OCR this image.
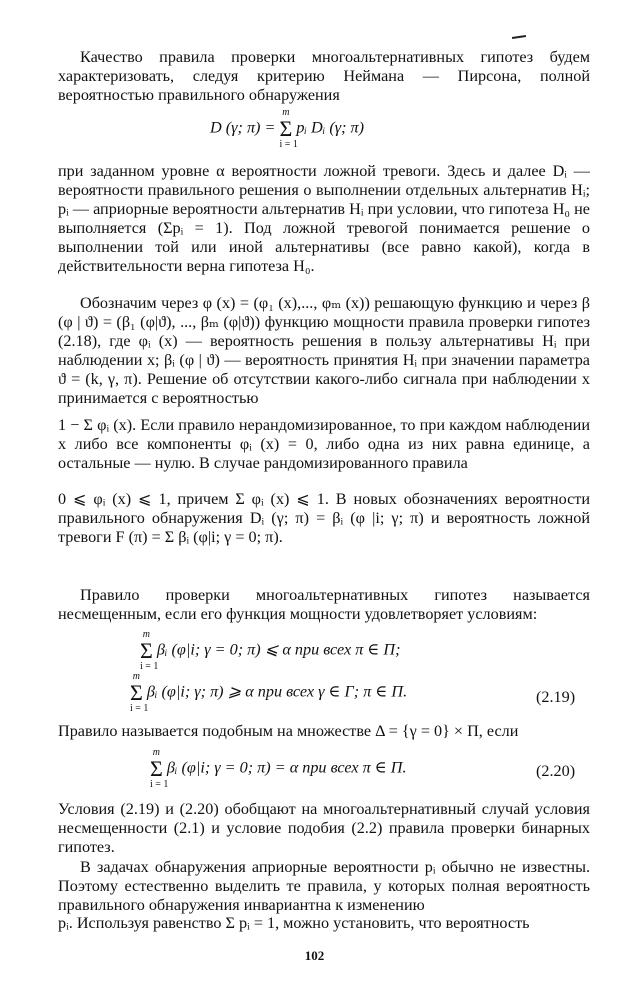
Качество правила проверки многоальтернативных гипотез будем характеризовать, следуя критерию Неймана — Пирсона, полной вероятностью правильного обнаружения

D (γ; π) =
m
Σ
i = 1
pᵢ Dᵢ (γ; π)

при заданном уровне α вероятности ложной тревоги. Здесь и далее Dᵢ — вероятности правильного решения о выполнении отдельных альтернатив Hᵢ; pᵢ — априорные вероятности альтернатив Hᵢ при условии, что гипотеза H₀ не выполняется (Σpᵢ = 1). Под ложной тревогой понимается решение о выполнении той или иной альтернативы (все равно какой), когда в действительности верна гипотеза H₀.

Обозначим через φ (x) = (φ₁ (x),..., φₘ (x)) решающую функцию и через β (φ | ϑ) = (β₁ (φ|ϑ), ..., βₘ (φ|ϑ)) функцию мощности правила проверки гипотез (2.18), где φᵢ (x) — вероятность решения в пользу альтернативы Hᵢ при наблюдении x; βᵢ (φ | ϑ) — вероятность принятия Hᵢ при значении параметра ϑ = (k, γ, π). Решение об отсутствии какого-либо сигнала при наблюдении x принимается с вероятностью

1 − Σ φᵢ (x). Если правило нерандомизированное, то при каждом наблюдении x либо все компоненты φᵢ (x) = 0, либо одна из них равна единице, а остальные — нулю. В случае рандомизированного правила

0 ⩽ φᵢ (x) ⩽ 1, причем Σ φᵢ (x) ⩽ 1. В новых обозначениях вероятности правильного обнаружения Dᵢ (γ; π) = βᵢ (φ |i; γ; π) и вероятность ложной тревоги F (π) = Σ βᵢ (φ|i; γ = 0; π).

Правило проверки многоальтернативных гипотез называется несмещенным, если его функция мощности удовлетворяет условиям:

m
Σ
i = 1
βᵢ (φ|i; γ = 0; π) ⩽ α при всех π ∈ Π;
m
Σ
i = 1
βᵢ (φ|i; γ; π) ⩾ α при всех γ ∈ Γ; π ∈ Π.	(2.19)

Правило называется подобным на множестве Δ = {γ = 0} × Π, если

m
Σ
i = 1
βᵢ (φ|i; γ = 0; π) = α при всех π ∈ Π.	(2.20)

Условия (2.19) и (2.20) обобщают на многоальтернативный случай условия несмещенности (2.1) и условие подобия (2.2) правила проверки бинарных гипотез.

В задачах обнаружения априорные вероятности pᵢ обычно не известны. Поэтому естественно выделить те правила, у которых полная вероятность правильного обнаружения инвариантна к изменению

pᵢ. Используя равенство Σ pᵢ = 1, можно установить, что вероятность

102
